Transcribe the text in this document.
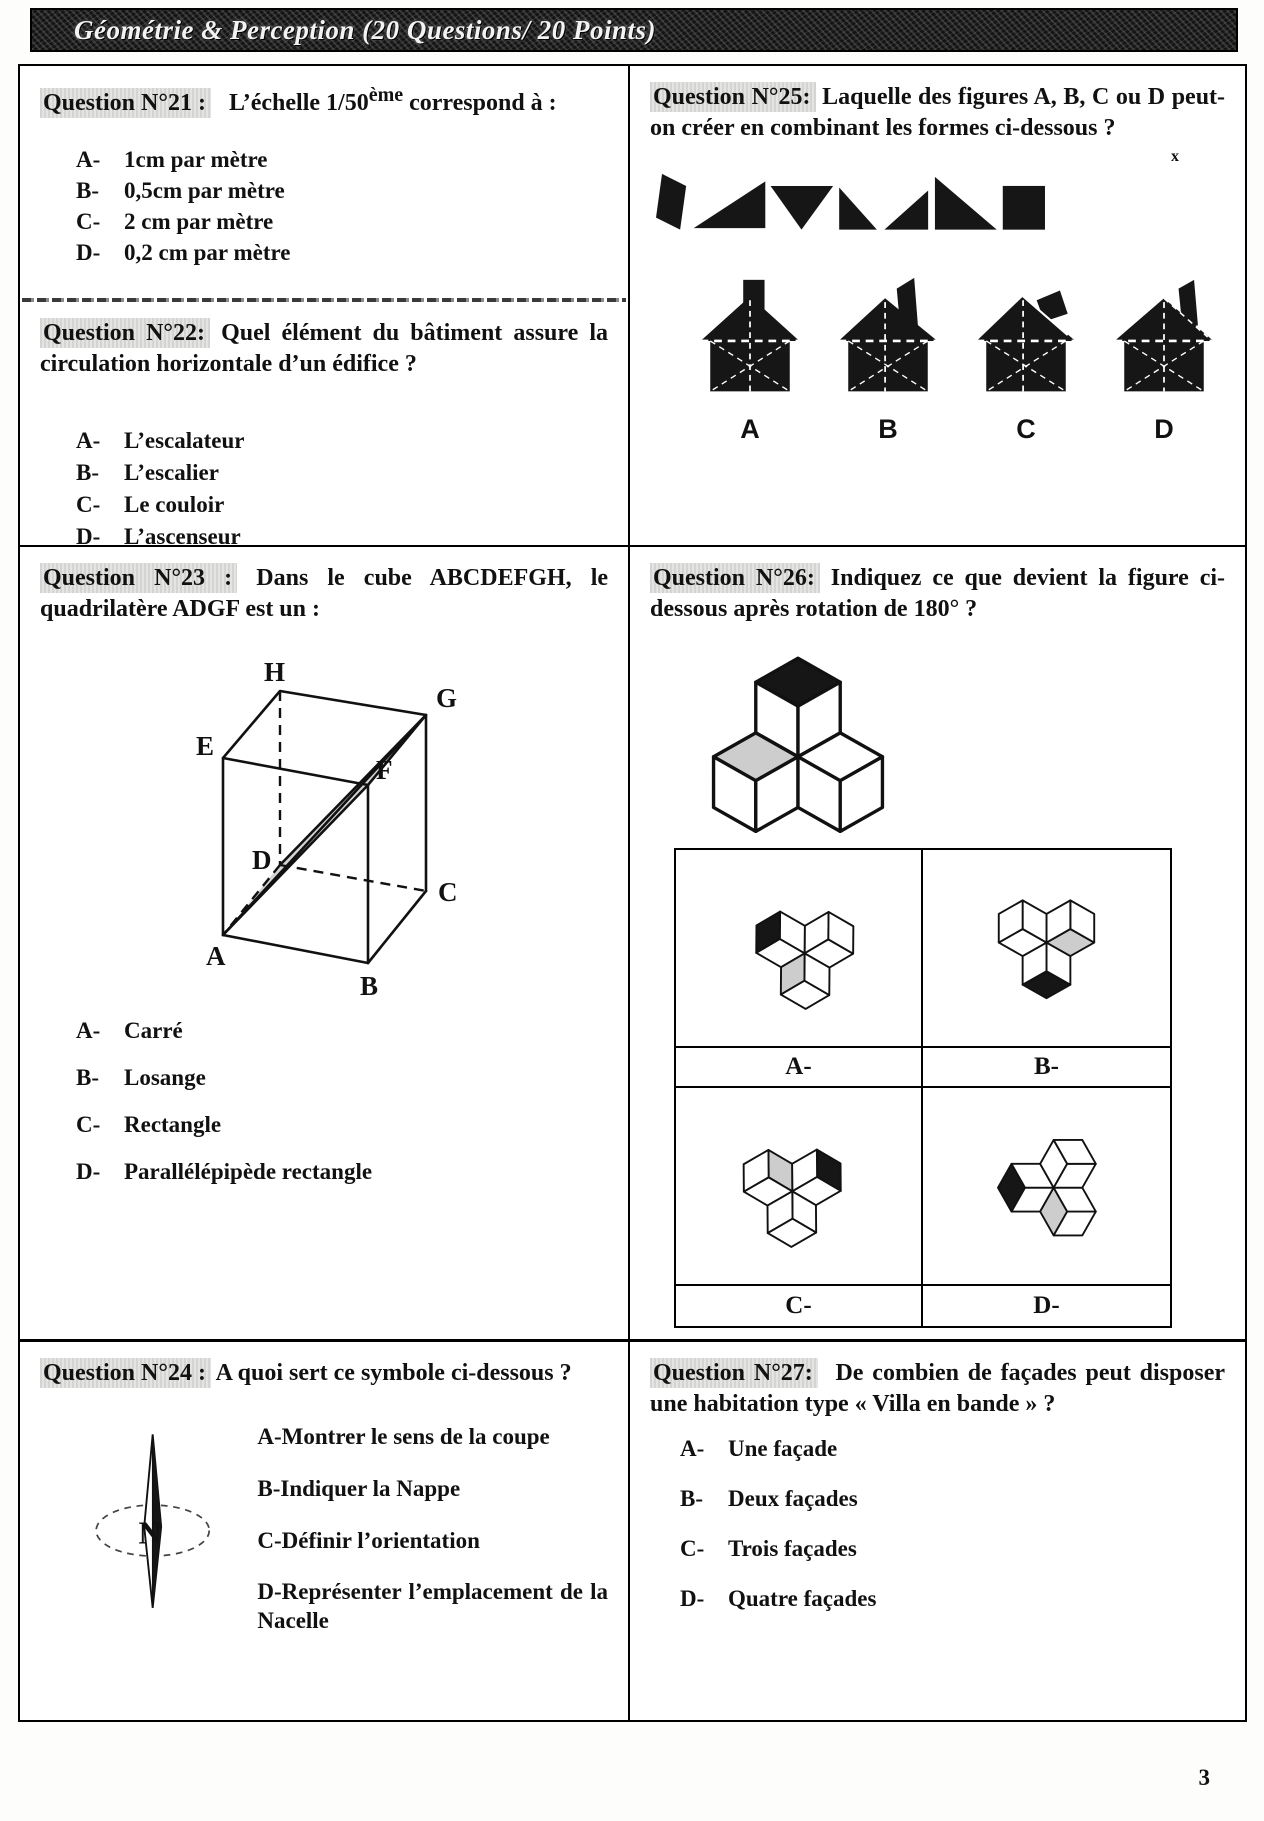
Géométrie & Perception (20 Questions/ 20 Points)

Question N°21 : L’échelle 1/50ème correspond à :

A-	1cm par mètre
B-	0,5cm par mètre
C-	2 cm par mètre
D-	0,2 cm par mètre

Question N°22: Quel élément du bâtiment assure la circulation horizontale d’un édifice ?

A-	L’escalateur
B-	L’escalier
C-	Le couloir
D-	L’ascenseur

Question N°23 : Dans le cube ABCDEFGH, le quadrilatère ADGF est un :

H
G
E
F
D
C
A
B
A-	Carré
B-	Losange
C-	Rectangle
D-	Parallélépipède rectangle

Question N°24 : A quoi sert ce symbole ci-dessous ?

N
A-Montrer le sens de la coupe
B-Indiquer la Nappe
C-Définir l’orientation
D-Représenter l’emplacement de la Nacelle

Question N°25: Laquelle des figures A, B, C ou D peut-on créer en combinant les formes ci-dessous ?

x
A	B	C	D

Question N°26: Indiquez ce que devient la figure ci-dessous après rotation de 180° ?

A-	B-
C-	D-

Question N°27: De combien de façades peut disposer une habitation type « Villa en bande » ?

A-	Une façade
B-	Deux façades
C-	Trois façades
D-	Quatre façades
3
